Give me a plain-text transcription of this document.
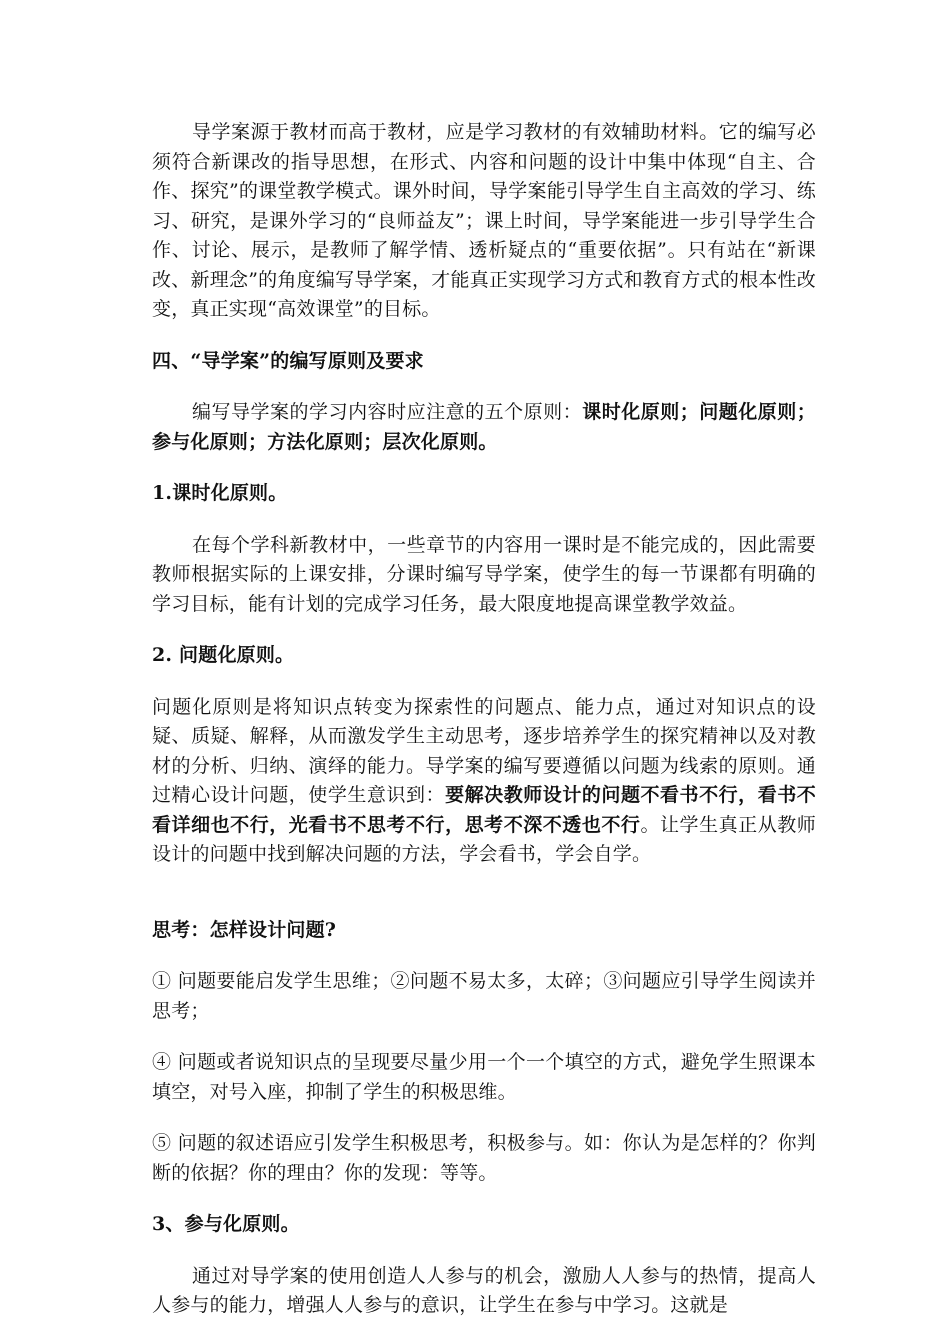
导学案源于教材而高于教材，应是学习教材的有效辅助材料。它的编写必须符合新课改的指导思想，在形式、内容和问题的设计中集中体现“自主、合作、探究”的课堂教学模式。课外时间，导学案能引导学生自主高效的学习、练习、研究，是课外学习的“良师益友”；课上时间，导学案能进一步引导学生合作、讨论、展示，是教师了解学情、透析疑点的“重要依据”。只有站在“新课改、新理念”的角度编写导学案，才能真正实现学习方式和教育方式的根本性改变，真正实现“高效课堂”的目标。

四、“导学案”的编写原则及要求

编写导学案的学习内容时应注意的五个原则：课时化原则；问题化原则；参与化原则；方法化原则；层次化原则。

1.课时化原则。

在每个学科新教材中，一些章节的内容用一课时是不能完成的，因此需要教师根据实际的上课安排，分课时编写导学案，使学生的每一节课都有明确的学习目标，能有计划的完成学习任务，最大限度地提高课堂教学效益。

2. 问题化原则。

问题化原则是将知识点转变为探索性的问题点、能力点，通过对知识点的设疑、质疑、解释，从而激发学生主动思考，逐步培养学生的探究精神以及对教材的分析、归纳、演绎的能力。导学案的编写要遵循以问题为线索的原则。通过精心设计问题，使学生意识到：要解决教师设计的问题不看书不行，看书不看详细也不行，光看书不思考不行，思考不深不透也不行。让学生真正从教师设计的问题中找到解决问题的方法，学会看书，学会自学。

思考：怎样设计问题?

① 问题要能启发学生思维；②问题不易太多，太碎；③问题应引导学生阅读并思考；

④ 问题或者说知识点的呈现要尽量少用一个一个填空的方式，避免学生照课本填空，对号入座，抑制了学生的积极思维。

⑤ 问题的叙述语应引发学生积极思考，积极参与。如：你认为是怎样的？你判断的依据？你的理由？你的发现：等等。

3、参与化原则。

通过对导学案的使用创造人人参与的机会，激励人人参与的热情，提高人人参与的能力，增强人人参与的意识，让学生在参与中学习。这就是
